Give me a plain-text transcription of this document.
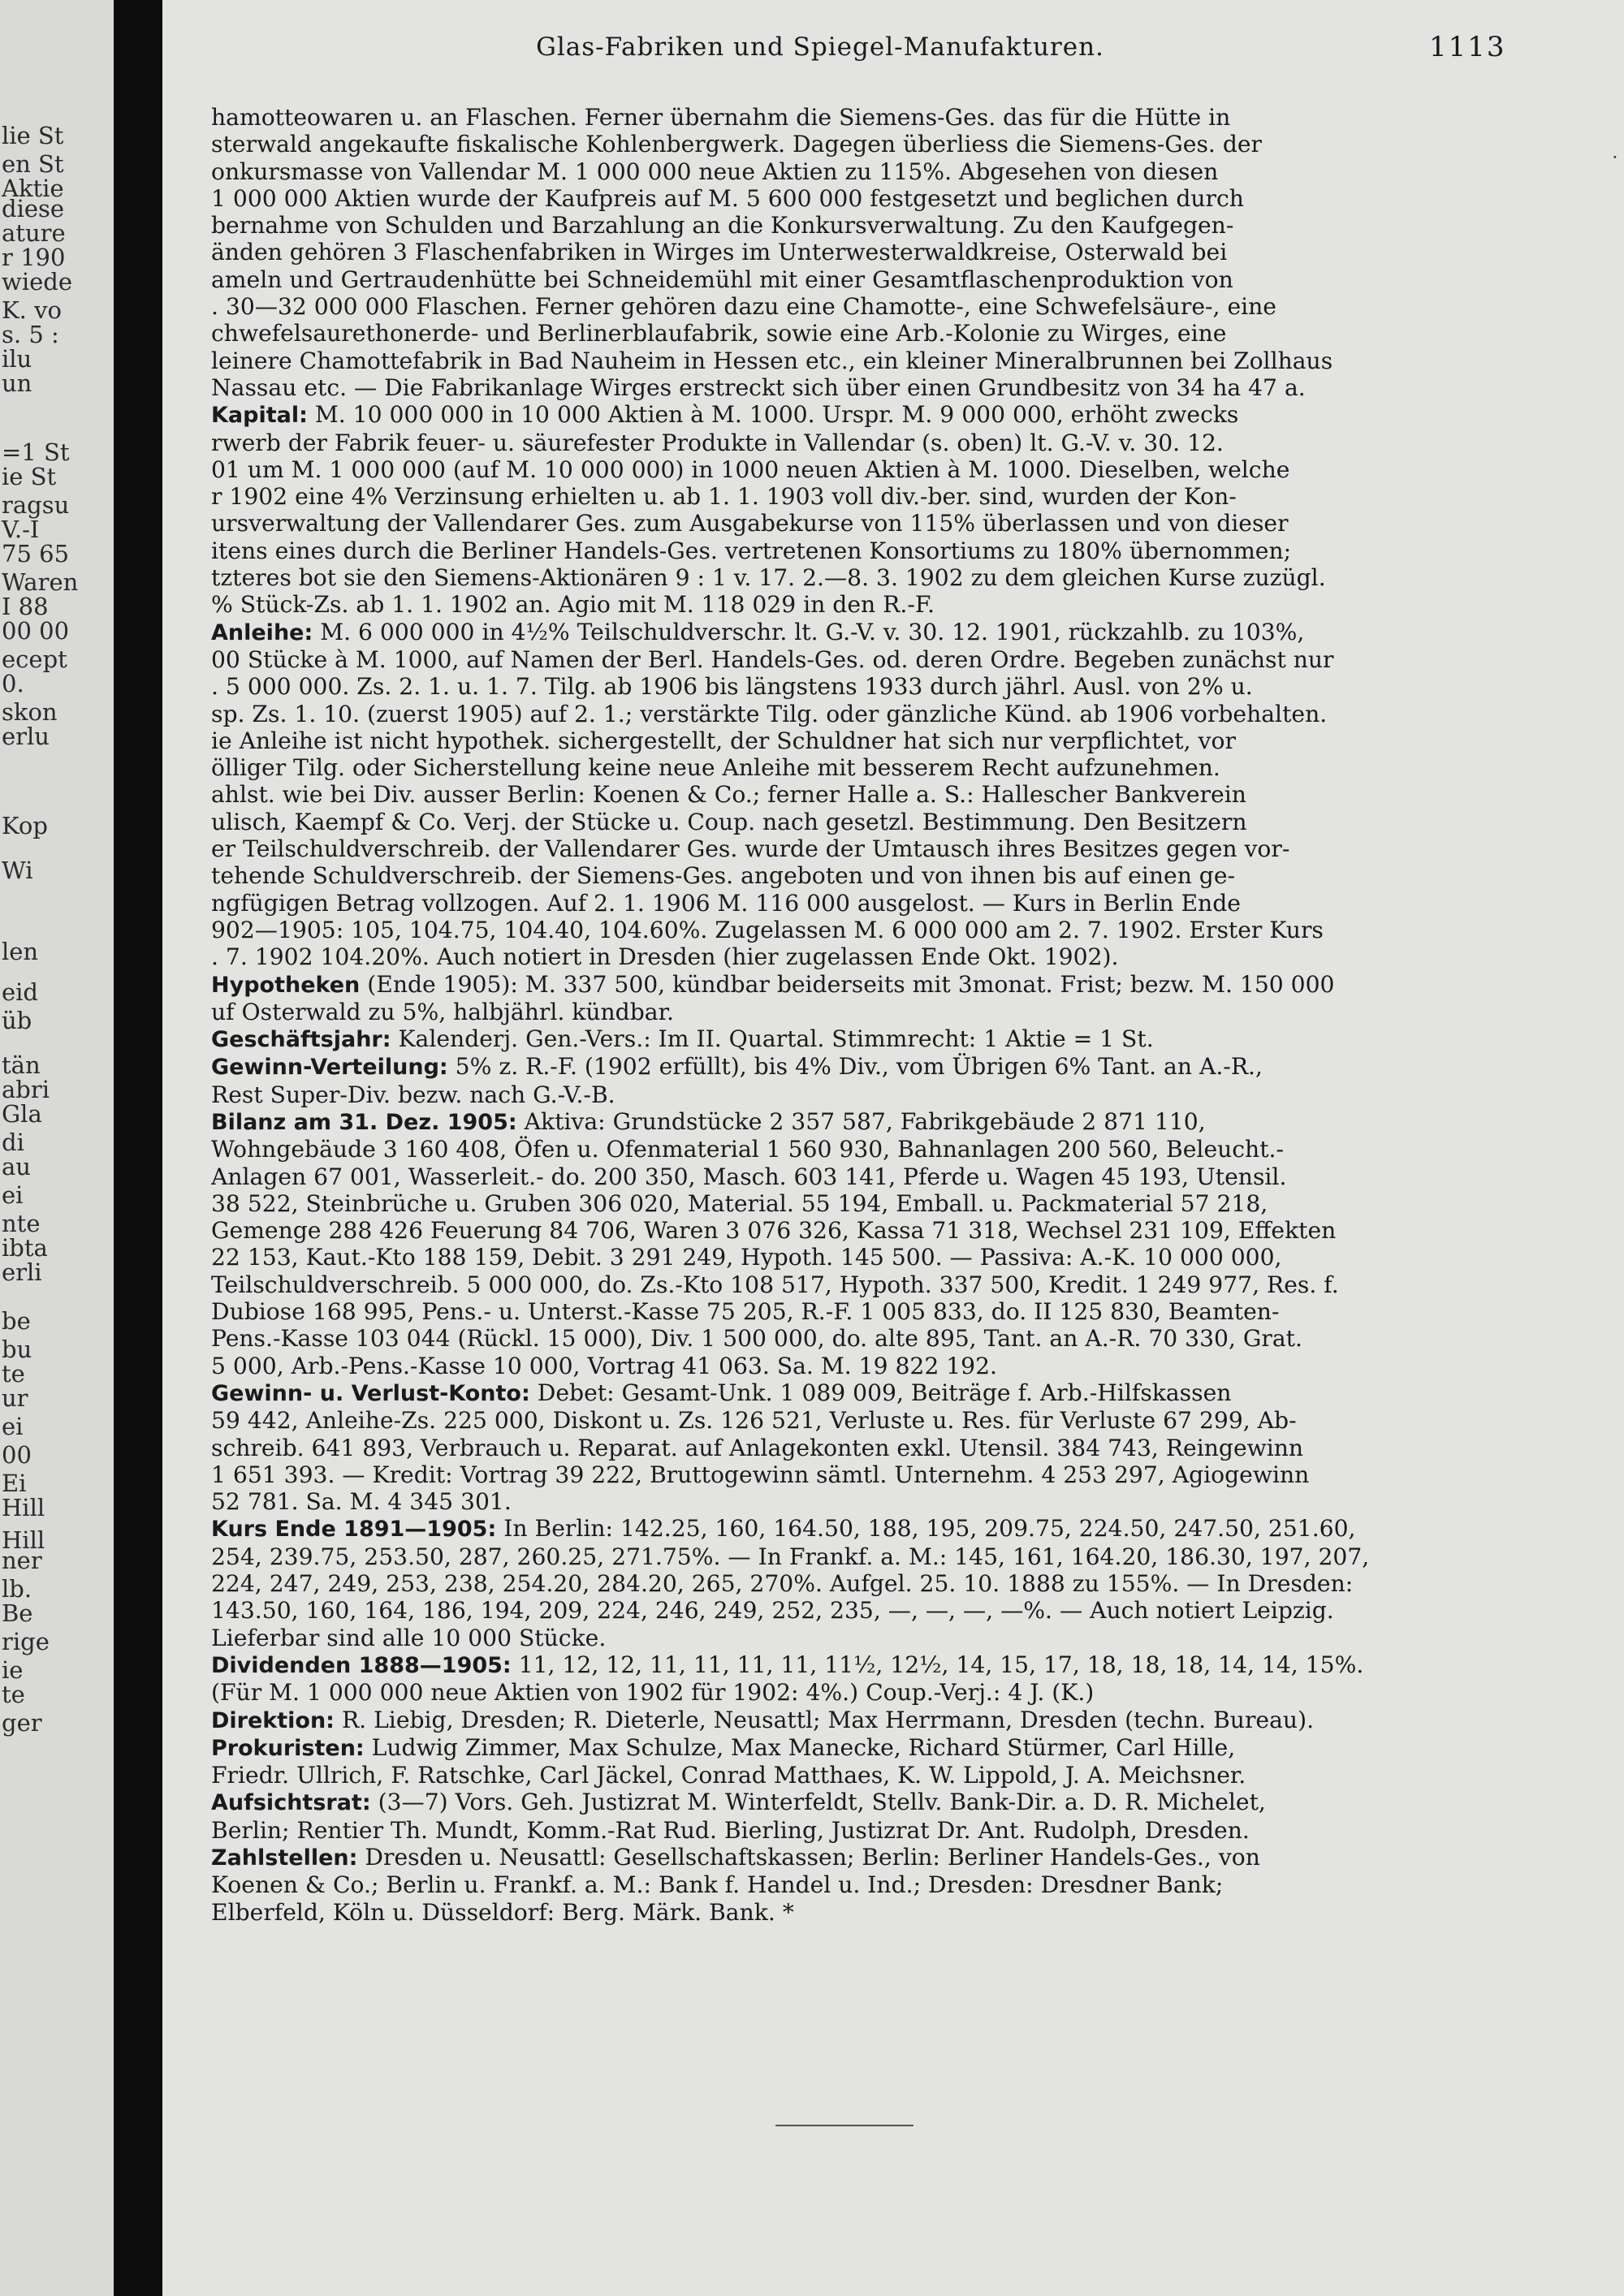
lie St
en St
Aktie
diese
ature
r 190
wiede
K. vo
s. 5 :
ilu
un
=1 St
ie St
ragsu
V.-I
75 65
Waren
I 88
00 00
ecept
0.
skon
erlu
Kop
Wi
len
eid
üb
tän
abri
Gla
di
au
ei
nte
ibta
erli
be
bu
te
ur
ei
00
Ei
Hill
Hill
ner
lb.
Be
rige
ie
te
ger
Glas-Fabriken und Spiegel-Manufakturen.	1113
·
hamotteowaren u. an Flaschen. Ferner übernahm die Siemens-Ges. das für die Hütte in
sterwald angekaufte fiskalische Kohlenbergwerk. Dagegen überliess die Siemens-Ges. der
onkursmasse von Vallendar M. 1 000 000 neue Aktien zu 115%. Abgesehen von diesen
1 000 000 Aktien wurde der Kaufpreis auf M. 5 600 000 festgesetzt und beglichen durch
bernahme von Schulden und Barzahlung an die Konkursverwaltung. Zu den Kaufgegen-
änden gehören 3 Flaschenfabriken in Wirges im Unterwesterwaldkreise, Osterwald bei
ameln und Gertraudenhütte bei Schneidemühl mit einer Gesamtflaschenproduktion von
. 30—32 000 000 Flaschen. Ferner gehören dazu eine Chamotte-, eine Schwefelsäure-, eine
chwefelsaurethonerde- und Berlinerblaufabrik, sowie eine Arb.-Kolonie zu Wirges, eine
leinere Chamottefabrik in Bad Nauheim in Hessen etc., ein kleiner Mineralbrunnen bei Zollhaus
Nassau etc. — Die Fabrikanlage Wirges erstreckt sich über einen Grundbesitz von 34 ha 47 a.
Kapital: M. 10 000 000 in 10 000 Aktien à M. 1000. Urspr. M. 9 000 000, erhöht zwecks
rwerb der Fabrik feuer- u. säurefester Produkte in Vallendar (s. oben) lt. G.-V. v. 30. 12.
01 um M. 1 000 000 (auf M. 10 000 000) in 1000 neuen Aktien à M. 1000. Dieselben, welche
r 1902 eine 4% Verzinsung erhielten u. ab 1. 1. 1903 voll div.-ber. sind, wurden der Kon-
ursverwaltung der Vallendarer Ges. zum Ausgabekurse von 115% überlassen und von dieser
itens eines durch die Berliner Handels-Ges. vertretenen Konsortiums zu 180% übernommen;
tzteres bot sie den Siemens-Aktionären 9 : 1 v. 17. 2.—8. 3. 1902 zu dem gleichen Kurse zuzügl.
% Stück-Zs. ab 1. 1. 1902 an. Agio mit M. 118 029 in den R.-F.
Anleihe: M. 6 000 000 in 4½% Teilschuldverschr. lt. G.-V. v. 30. 12. 1901, rückzahlb. zu 103%,
00 Stücke à M. 1000, auf Namen der Berl. Handels-Ges. od. deren Ordre. Begeben zunächst nur
. 5 000 000. Zs. 2. 1. u. 1. 7. Tilg. ab 1906 bis längstens 1933 durch jährl. Ausl. von 2% u.
sp. Zs. 1. 10. (zuerst 1905) auf 2. 1.; verstärkte Tilg. oder gänzliche Künd. ab 1906 vorbehalten.
ie Anleihe ist nicht hypothek. sichergestellt, der Schuldner hat sich nur verpflichtet, vor
ölliger Tilg. oder Sicherstellung keine neue Anleihe mit besserem Recht aufzunehmen.
ahlst. wie bei Div. ausser Berlin: Koenen & Co.; ferner Halle a. S.: Hallescher Bankverein
ulisch, Kaempf & Co. Verj. der Stücke u. Coup. nach gesetzl. Bestimmung. Den Besitzern
er Teilschuldverschreib. der Vallendarer Ges. wurde der Umtausch ihres Besitzes gegen vor-
tehende Schuldverschreib. der Siemens-Ges. angeboten und von ihnen bis auf einen ge-
ngfügigen Betrag vollzogen. Auf 2. 1. 1906 M. 116 000 ausgelost. — Kurs in Berlin Ende
902—1905: 105, 104.75, 104.40, 104.60%. Zugelassen M. 6 000 000 am 2. 7. 1902. Erster Kurs
. 7. 1902 104.20%. Auch notiert in Dresden (hier zugelassen Ende Okt. 1902).
Hypotheken (Ende 1905): M. 337 500, kündbar beiderseits mit 3monat. Frist; bezw. M. 150 000
uf Osterwald zu 5%, halbjährl. kündbar.
Geschäftsjahr: Kalenderj. Gen.-Vers.: Im II. Quartal. Stimmrecht: 1 Aktie = 1 St.
Gewinn-Verteilung: 5% z. R.-F. (1902 erfüllt), bis 4% Div., vom Übrigen 6% Tant. an A.-R.,
Rest Super-Div. bezw. nach G.-V.-B.
Bilanz am 31. Dez. 1905: Aktiva: Grundstücke 2 357 587, Fabrikgebäude 2 871 110,
Wohngebäude 3 160 408, Öfen u. Ofenmaterial 1 560 930, Bahnanlagen 200 560, Beleucht.-
Anlagen 67 001, Wasserleit.- do. 200 350, Masch. 603 141, Pferde u. Wagen 45 193, Utensil.
38 522, Steinbrüche u. Gruben 306 020, Material. 55 194, Emball. u. Packmaterial 57 218,
Gemenge 288 426 Feuerung 84 706, Waren 3 076 326, Kassa 71 318, Wechsel 231 109, Effekten
22 153, Kaut.-Kto 188 159, Debit. 3 291 249, Hypoth. 145 500. — Passiva: A.-K. 10 000 000,
Teilschuldverschreib. 5 000 000, do. Zs.-Kto 108 517, Hypoth. 337 500, Kredit. 1 249 977, Res. f.
Dubiose 168 995, Pens.- u. Unterst.-Kasse 75 205, R.-F. 1 005 833, do. II 125 830, Beamten-
Pens.-Kasse 103 044 (Rückl. 15 000), Div. 1 500 000, do. alte 895, Tant. an A.-R. 70 330, Grat.
5 000, Arb.-Pens.-Kasse 10 000, Vortrag 41 063. Sa. M. 19 822 192.
Gewinn- u. Verlust-Konto: Debet: Gesamt-Unk. 1 089 009, Beiträge f. Arb.-Hilfskassen
59 442, Anleihe-Zs. 225 000, Diskont u. Zs. 126 521, Verluste u. Res. für Verluste 67 299, Ab-
schreib. 641 893, Verbrauch u. Reparat. auf Anlagekonten exkl. Utensil. 384 743, Reingewinn
1 651 393. — Kredit: Vortrag 39 222, Bruttogewinn sämtl. Unternehm. 4 253 297, Agiogewinn
52 781. Sa. M. 4 345 301.
Kurs Ende 1891—1905: In Berlin: 142.25, 160, 164.50, 188, 195, 209.75, 224.50, 247.50, 251.60,
254, 239.75, 253.50, 287, 260.25, 271.75%. — In Frankf. a. M.: 145, 161, 164.20, 186.30, 197, 207,
224, 247, 249, 253, 238, 254.20, 284.20, 265, 270%. Aufgel. 25. 10. 1888 zu 155%. — In Dresden:
143.50, 160, 164, 186, 194, 209, 224, 246, 249, 252, 235, —, —, —, —%. — Auch notiert Leipzig.
Lieferbar sind alle 10 000 Stücke.
Dividenden 1888—1905: 11, 12, 12, 11, 11, 11, 11, 11½, 12½, 14, 15, 17, 18, 18, 18, 14, 14, 15%.
(Für M. 1 000 000 neue Aktien von 1902 für 1902: 4%.) Coup.-Verj.: 4 J. (K.)
Direktion: R. Liebig, Dresden; R. Dieterle, Neusattl; Max Herrmann, Dresden (techn. Bureau).
Prokuristen: Ludwig Zimmer, Max Schulze, Max Manecke, Richard Stürmer, Carl Hille,
Friedr. Ullrich, F. Ratschke, Carl Jäckel, Conrad Matthaes, K. W. Lippold, J. A. Meichsner.
Aufsichtsrat: (3—7) Vors. Geh. Justizrat M. Winterfeldt, Stellv. Bank-Dir. a. D. R. Michelet,
Berlin; Rentier Th. Mundt, Komm.-Rat Rud. Bierling, Justizrat Dr. Ant. Rudolph, Dresden.
Zahlstellen: Dresden u. Neusattl: Gesellschaftskassen; Berlin: Berliner Handels-Ges., von
Koenen & Co.; Berlin u. Frankf. a. M.: Bank f. Handel u. Ind.; Dresden: Dresdner Bank;
Elberfeld, Köln u. Düsseldorf: Berg. Märk. Bank. *
